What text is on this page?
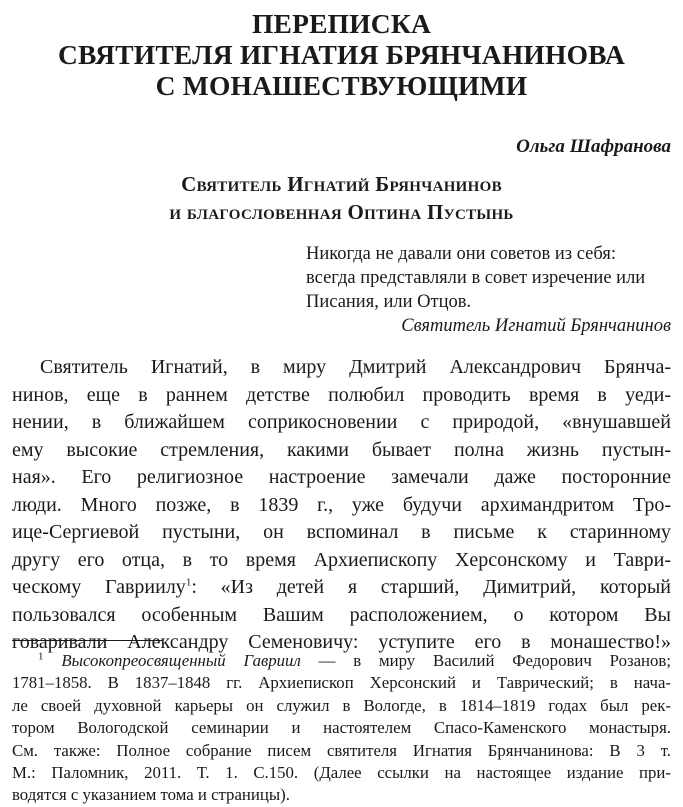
ПЕРЕПИСКА
СВЯТИТЕЛЯ ИГНАТИЯ БРЯНЧАНИНОВА
С МОНАШЕСТВУЮЩИМИ
Ольга Шафранова
Святитель Игнатий Брянчанинов
и благословенная Оптина Пустынь
Никогда не давали они советов из себя:
всегда представляли в совет изречение или
Писания, или Отцов.
Святитель Игнатий Брянчанинов
Святитель Игнатий, в миру Дмитрий Александрович Брянча-
нинов, еще в раннем детстве полюбил проводить время в уеди-
нении, в ближайшем соприкосновении с природой, «внушавшей
ему высокие стремления, какими бывает полна жизнь пустын-
ная». Его религиозное настроение замечали даже посторонние
люди. Много позже, в 1839 г., уже будучи архимандритом Тро-
ице-Сергиевой пустыни, он вспоминал в письме к старинному
другу его отца, в то время Архиепископу Херсонскому и Таври-
ческому Гавриилу$^1$: «Из детей я старший, Димитрий, который
пользовался особенным Вашим расположением, о котором Вы
говаривали Александру Семеновичу: уступите его в монашество!»
$^1$ Высокопреосвященный Гавриил — в миру Василий Федорович Розанов;
1781–1858. В 1837–1848 гг. Архиепископ Херсонский и Таврический; в нача-
ле своей духовной карьеры он служил в Вологде, в 1814–1819 годах был рек-
тором Вологодской семинарии и настоятелем Спасо-Каменского монастыря.
См. также: Полное собрание писем святителя Игнатия Брянчанинова: В 3 т.
М.: Паломник, 2011. Т. 1. С.150. (Далее ссылки на настоящее издание при-
водятся с указанием тома и страницы).
